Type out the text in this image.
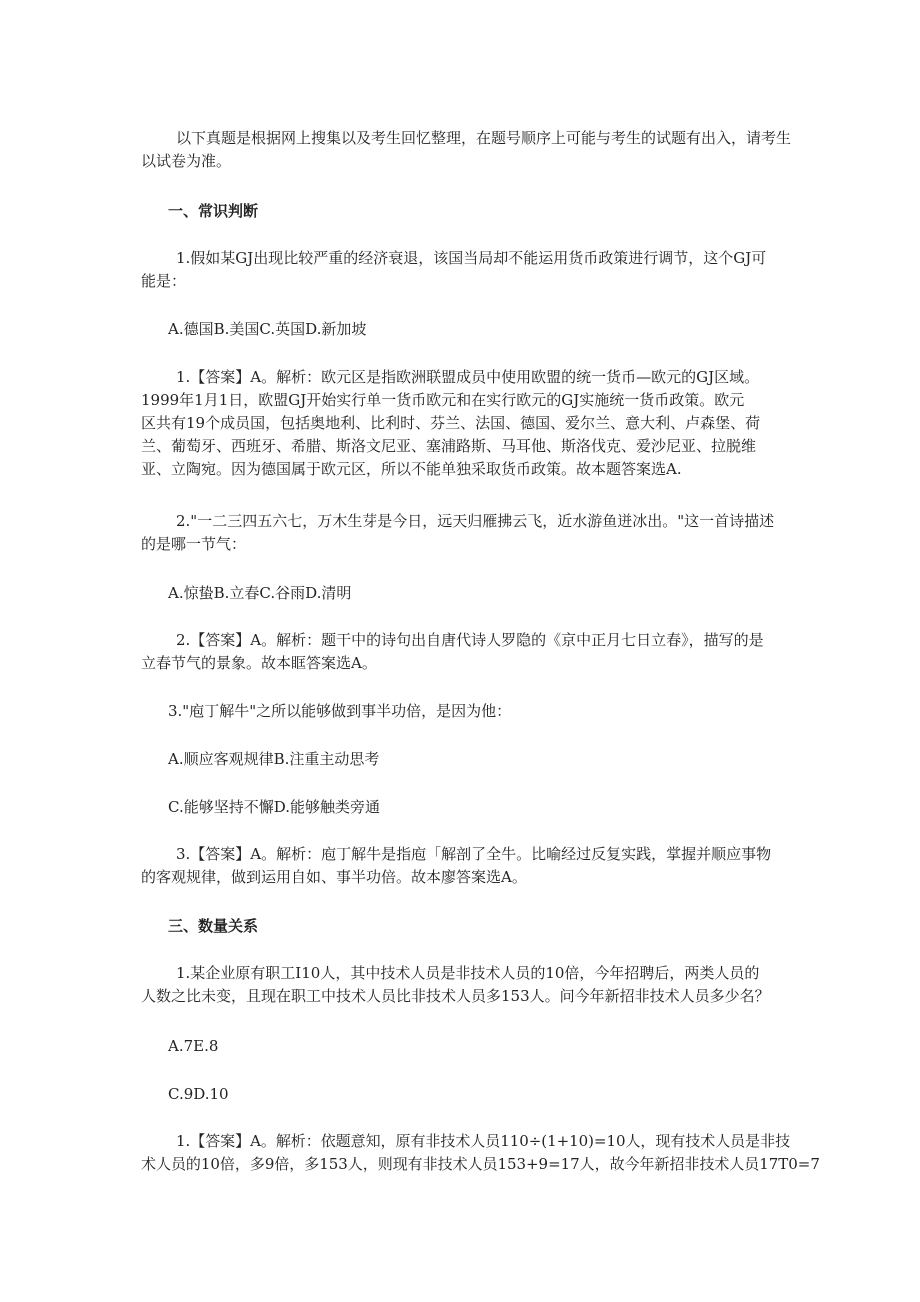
以下真题是根据网上搜集以及考生回忆整理，在题号顺序上可能与考生的试题有出入，请考生
以试卷为准。
一、常识判断
1.假如某GJ出现比较严重的经济衰退，该国当局却不能运用货币政策进行调节，这个GJ可
能是：
A.德国B.美国C.英国D.新加坡
1.【答案】A。解析：欧元区是指欧洲联盟成员中使用欧盟的统一货币—欧元的GJ区域。
1999年1月1日，欧盟GJ开始实行单一货币欧元和在实行欧元的GJ实施统一货币政策。欧元
区共有19个成员国，包括奥地利、比利时、芬兰、法国、德国、爱尔兰、意大利、卢森堡、荷
兰、葡萄牙、西班牙、希腊、斯洛文尼亚、塞浦路斯、马耳他、斯洛伐克、爱沙尼亚、拉脱维
亚、立陶宛。因为德国属于欧元区，所以不能单独采取货币政策。故本题答案选A.
2."一二三四五六七，万木生芽是今日，远天归雁拂云飞，近水游鱼迸冰出。"这一首诗描述
的是哪一节气：
A.惊蛰B.立春C.谷雨D.清明
2.【答案】A。解析：题干中的诗句出自唐代诗人罗隐的《京中正月七日立春》，描写的是
立春节气的景象。故本眶答案选A。
3."庖丁解牛"之所以能够做到事半功倍，是因为他：
A.顺应客观规律B.注重主动思考
C.能够坚持不懈D.能够触类旁通
3.【答案】A。解析：庖丁解牛是指庖「解剖了全牛。比喻经过反复实践，掌握并顺应事物
的客观规律，做到运用自如、事半功倍。故本廖答案选A。
三、数量关系
1.某企业原有职工I10人，其中技术人员是非技术人员的10倍，今年招聘后，两类人员的
人数之比未变，且现在职工中技术人员比非技术人员多153人。问今年新招非技术人员多少名？
A.7E.8
C.9D.10
1.【答案】A。解析：依题意知，原有非技术人员110÷(1+10)=10人，现有技术人员是非技
术人员的10倍，多9倍，多153人，则现有非技术人员153+9=17人，故今年新招非技术人员17T0=7
